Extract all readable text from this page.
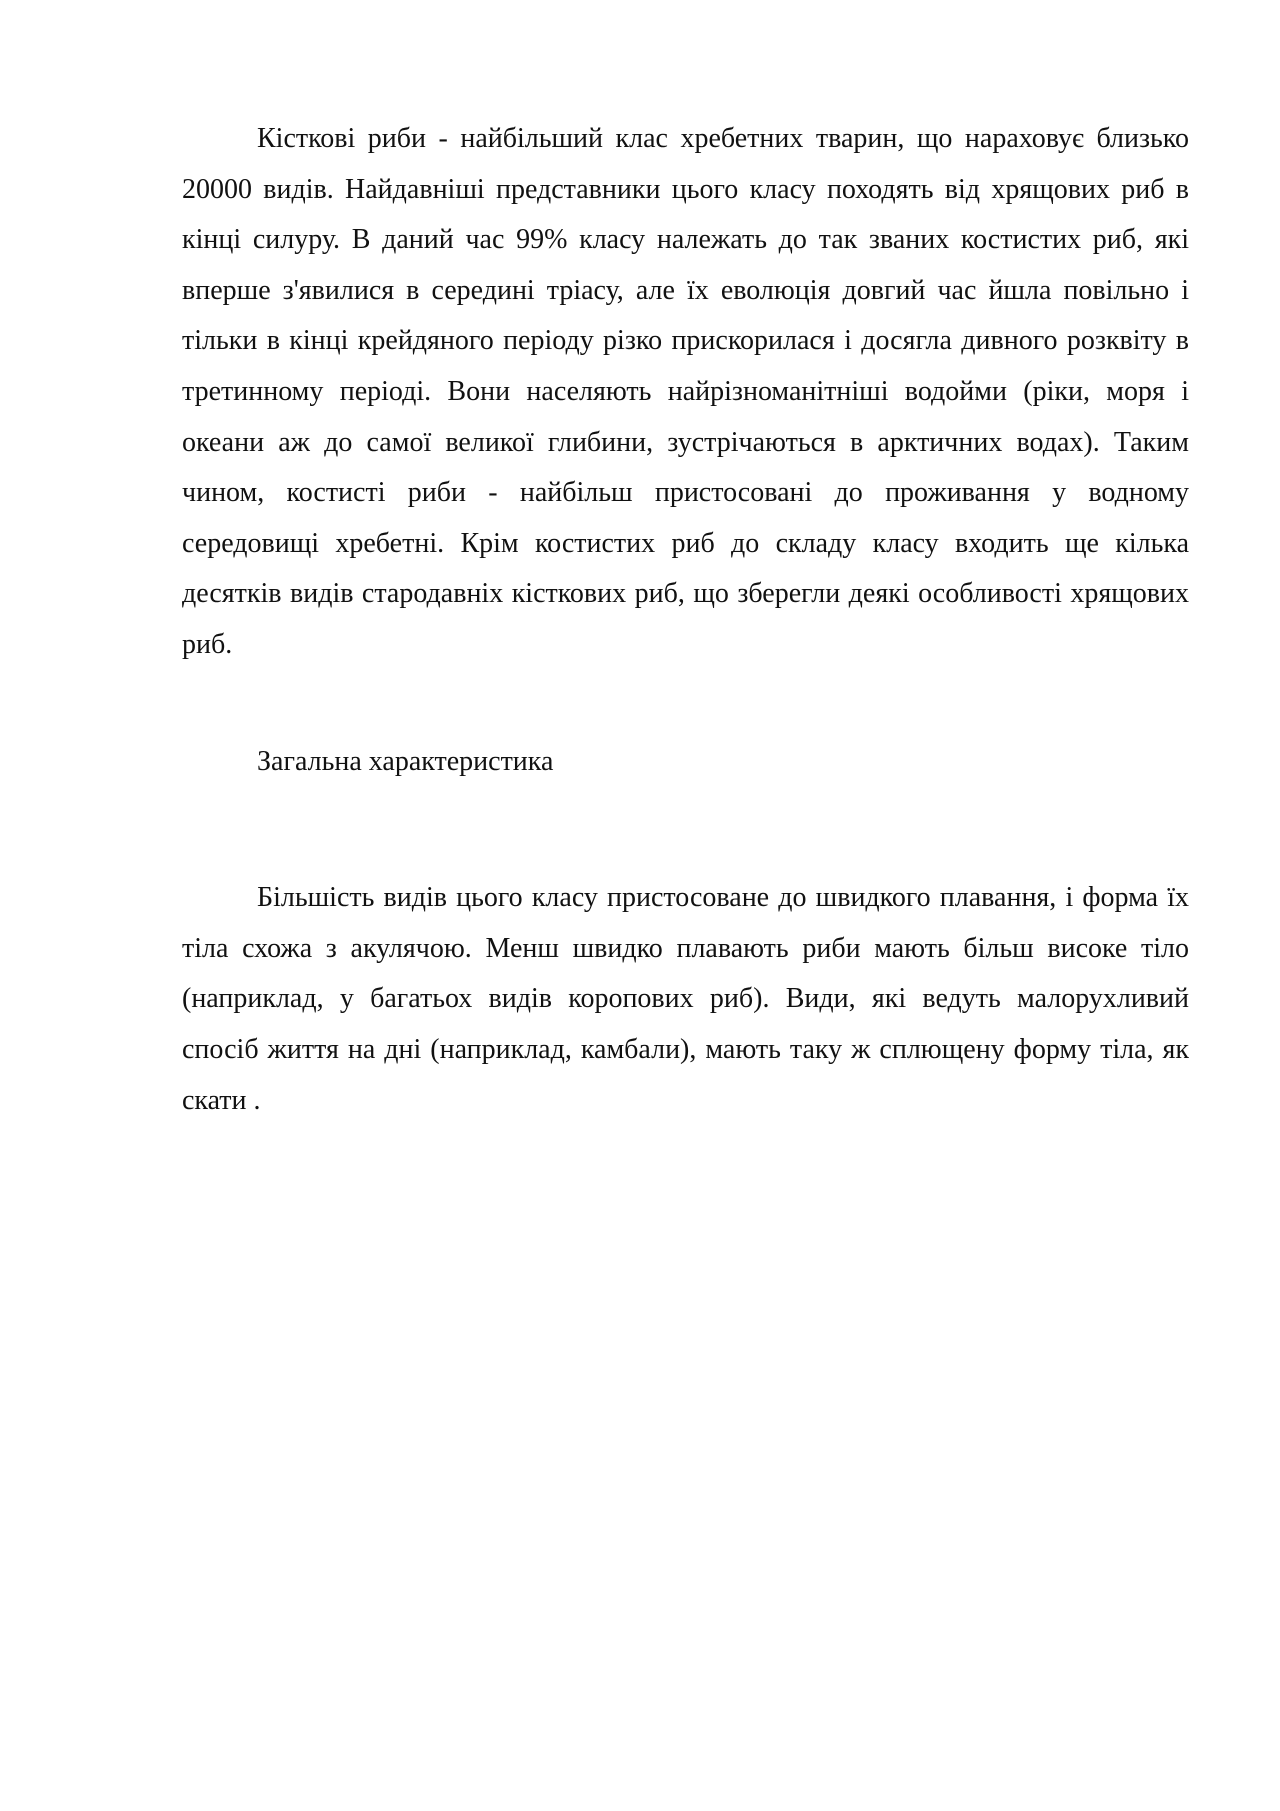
Кісткові риби - найбільший клас хребетних тварин, що нараховує близько 20000 видів. Найдавніші представники цього класу походять від хрящових риб в кінці силуру. В даний час 99% класу належать до так званих костистих риб, які вперше з'явилися в середині тріасу, але їх еволюція довгий час йшла повільно і тільки в кінці крейдяного періоду різко прискорилася і досягла дивного розквіту в третинному періоді. Вони населяють найрізноманітніші водойми (ріки, моря і океани аж до самої великої глибини, зустрічаються в арктичних водах). Таким чином, костисті риби - найбільш пристосовані до проживання у водному середовищі хребетні. Крім костистих риб до складу класу входить ще кілька десятків видів стародавніх кісткових риб, що зберегли деякі особливості хрящових риб.

Загальна характеристика

Більшість видів цього класу пристосоване до швидкого плавання, і форма їх тіла схожа з акулячою. Менш швидко плавають риби мають більш високе тіло (наприклад, у багатьох видів коропових риб). Види, які ведуть малорухливий спосіб життя на дні (наприклад, камбали), мають таку ж сплющену форму тіла, як скати .
